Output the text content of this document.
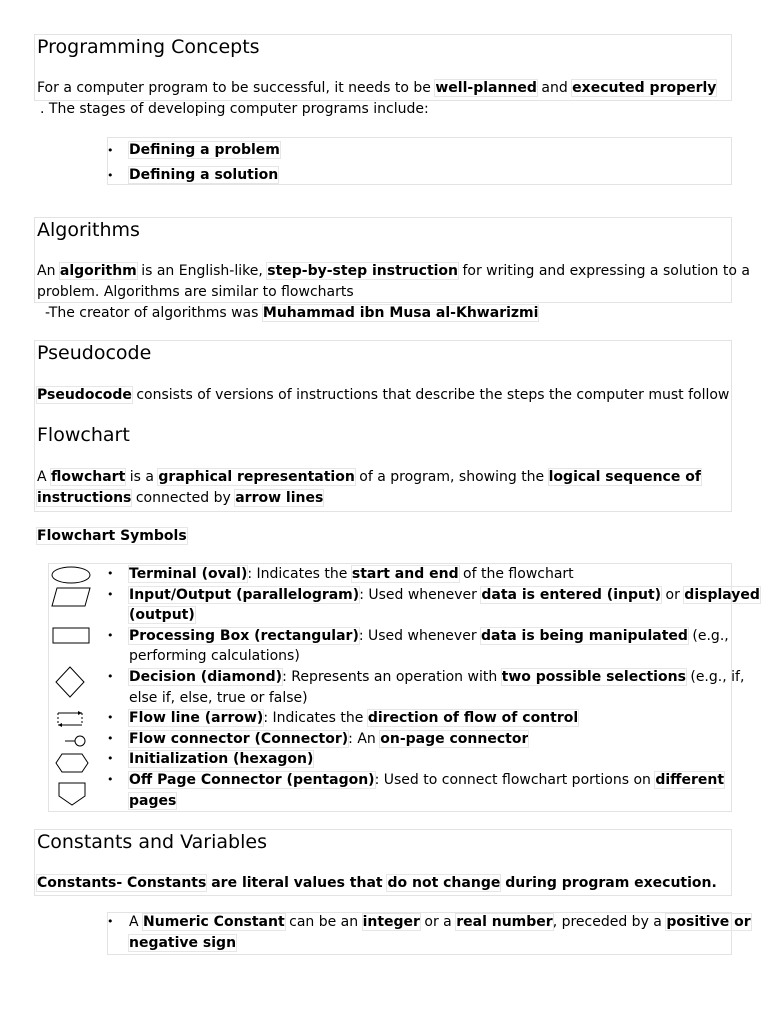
Programming Concepts

For a computer program to be successful, it needs to be well-planned and executed properly

. The stages of developing computer programs include:

• Defining a problem
• Defining a solution
Algorithms

An algorithm is an English-like, step-by-step instruction for writing and expressing a solution to a

problem. Algorithms are similar to flowcharts

-The creator of algorithms was Muhammad ibn Musa al-Khwarizmi

Pseudocode

Pseudocode consists of versions of instructions that describe the steps the computer must follow

Flowchart

A flowchart is a graphical representation of a program, showing the logical sequence of

instructions connected by arrow lines

Flowchart Symbols

• Terminal (oval): Indicates the start and end of the flowchart
• Input/Output (parallelogram): Used whenever data is entered (input) or displayed
(output)
• Processing Box (rectangular): Used whenever data is being manipulated (e.g.,
performing calculations)
• Decision (diamond): Represents an operation with two possible selections (e.g., if,
else if, else, true or false)
• Flow line (arrow): Indicates the direction of flow of control
• Flow connector (Connector): An on-page connector
• Initialization (hexagon)
• Off Page Connector (pentagon): Used to connect flowchart portions on different
pages
Constants and Variables

Constants- Constants are literal values that do not change during program execution.

• A Numeric Constant can be an integer or a real number, preceded by a positive or
negative sign
